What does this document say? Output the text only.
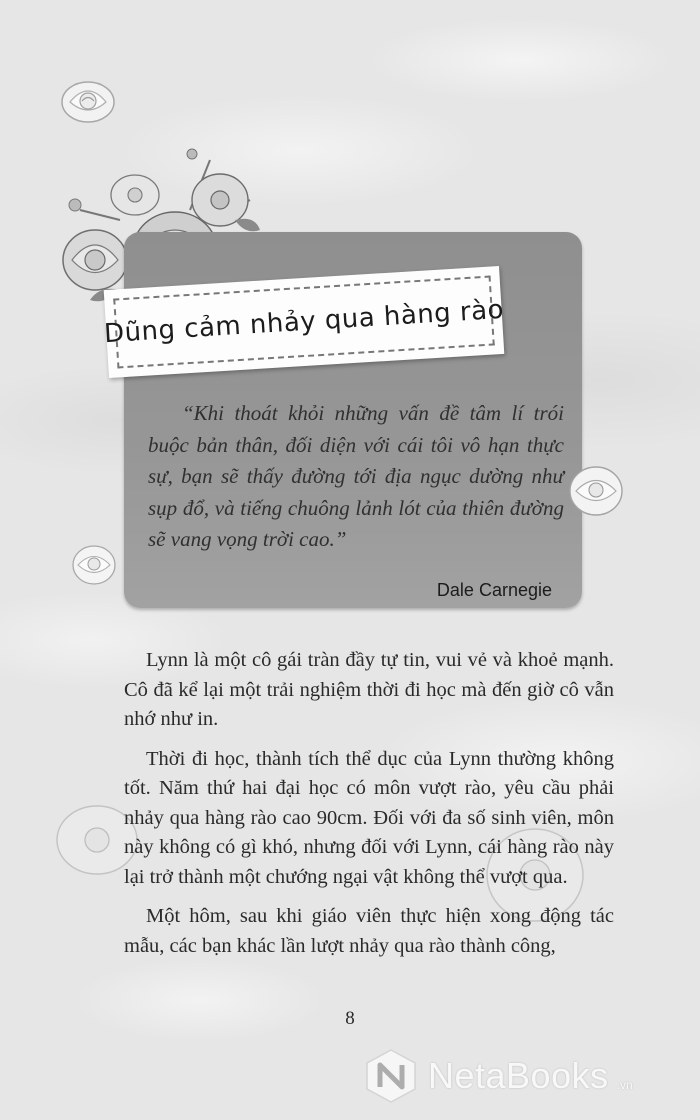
Dũng cảm nhảy qua hàng rào
“Khi thoát khỏi những vấn đề tâm lí trói buộc bản thân, đối diện với cái tôi vô hạn thực sự, bạn sẽ thấy đường tới địa ngục dường như sụp đổ, và tiếng chuông lảnh lót của thiên đường sẽ vang vọng trời cao.”
Dale Carnegie

Lynn là một cô gái tràn đầy tự tin, vui vẻ và khoẻ mạnh. Cô đã kể lại một trải nghiệm thời đi học mà đến giờ cô vẫn nhớ như in.

Thời đi học, thành tích thể dục của Lynn thường không tốt. Năm thứ hai đại học có môn vượt rào, yêu cầu phải nhảy qua hàng rào cao 90cm. Đối với đa số sinh viên, môn này không có gì khó, nhưng đối với Lynn, cái hàng rào này lại trở thành một chướng ngại vật không thể vượt qua.

Một hôm, sau khi giáo viên thực hiện xong động tác mẫu, các bạn khác lần lượt nhảy qua rào thành công,

8
NetaBooks .vn
